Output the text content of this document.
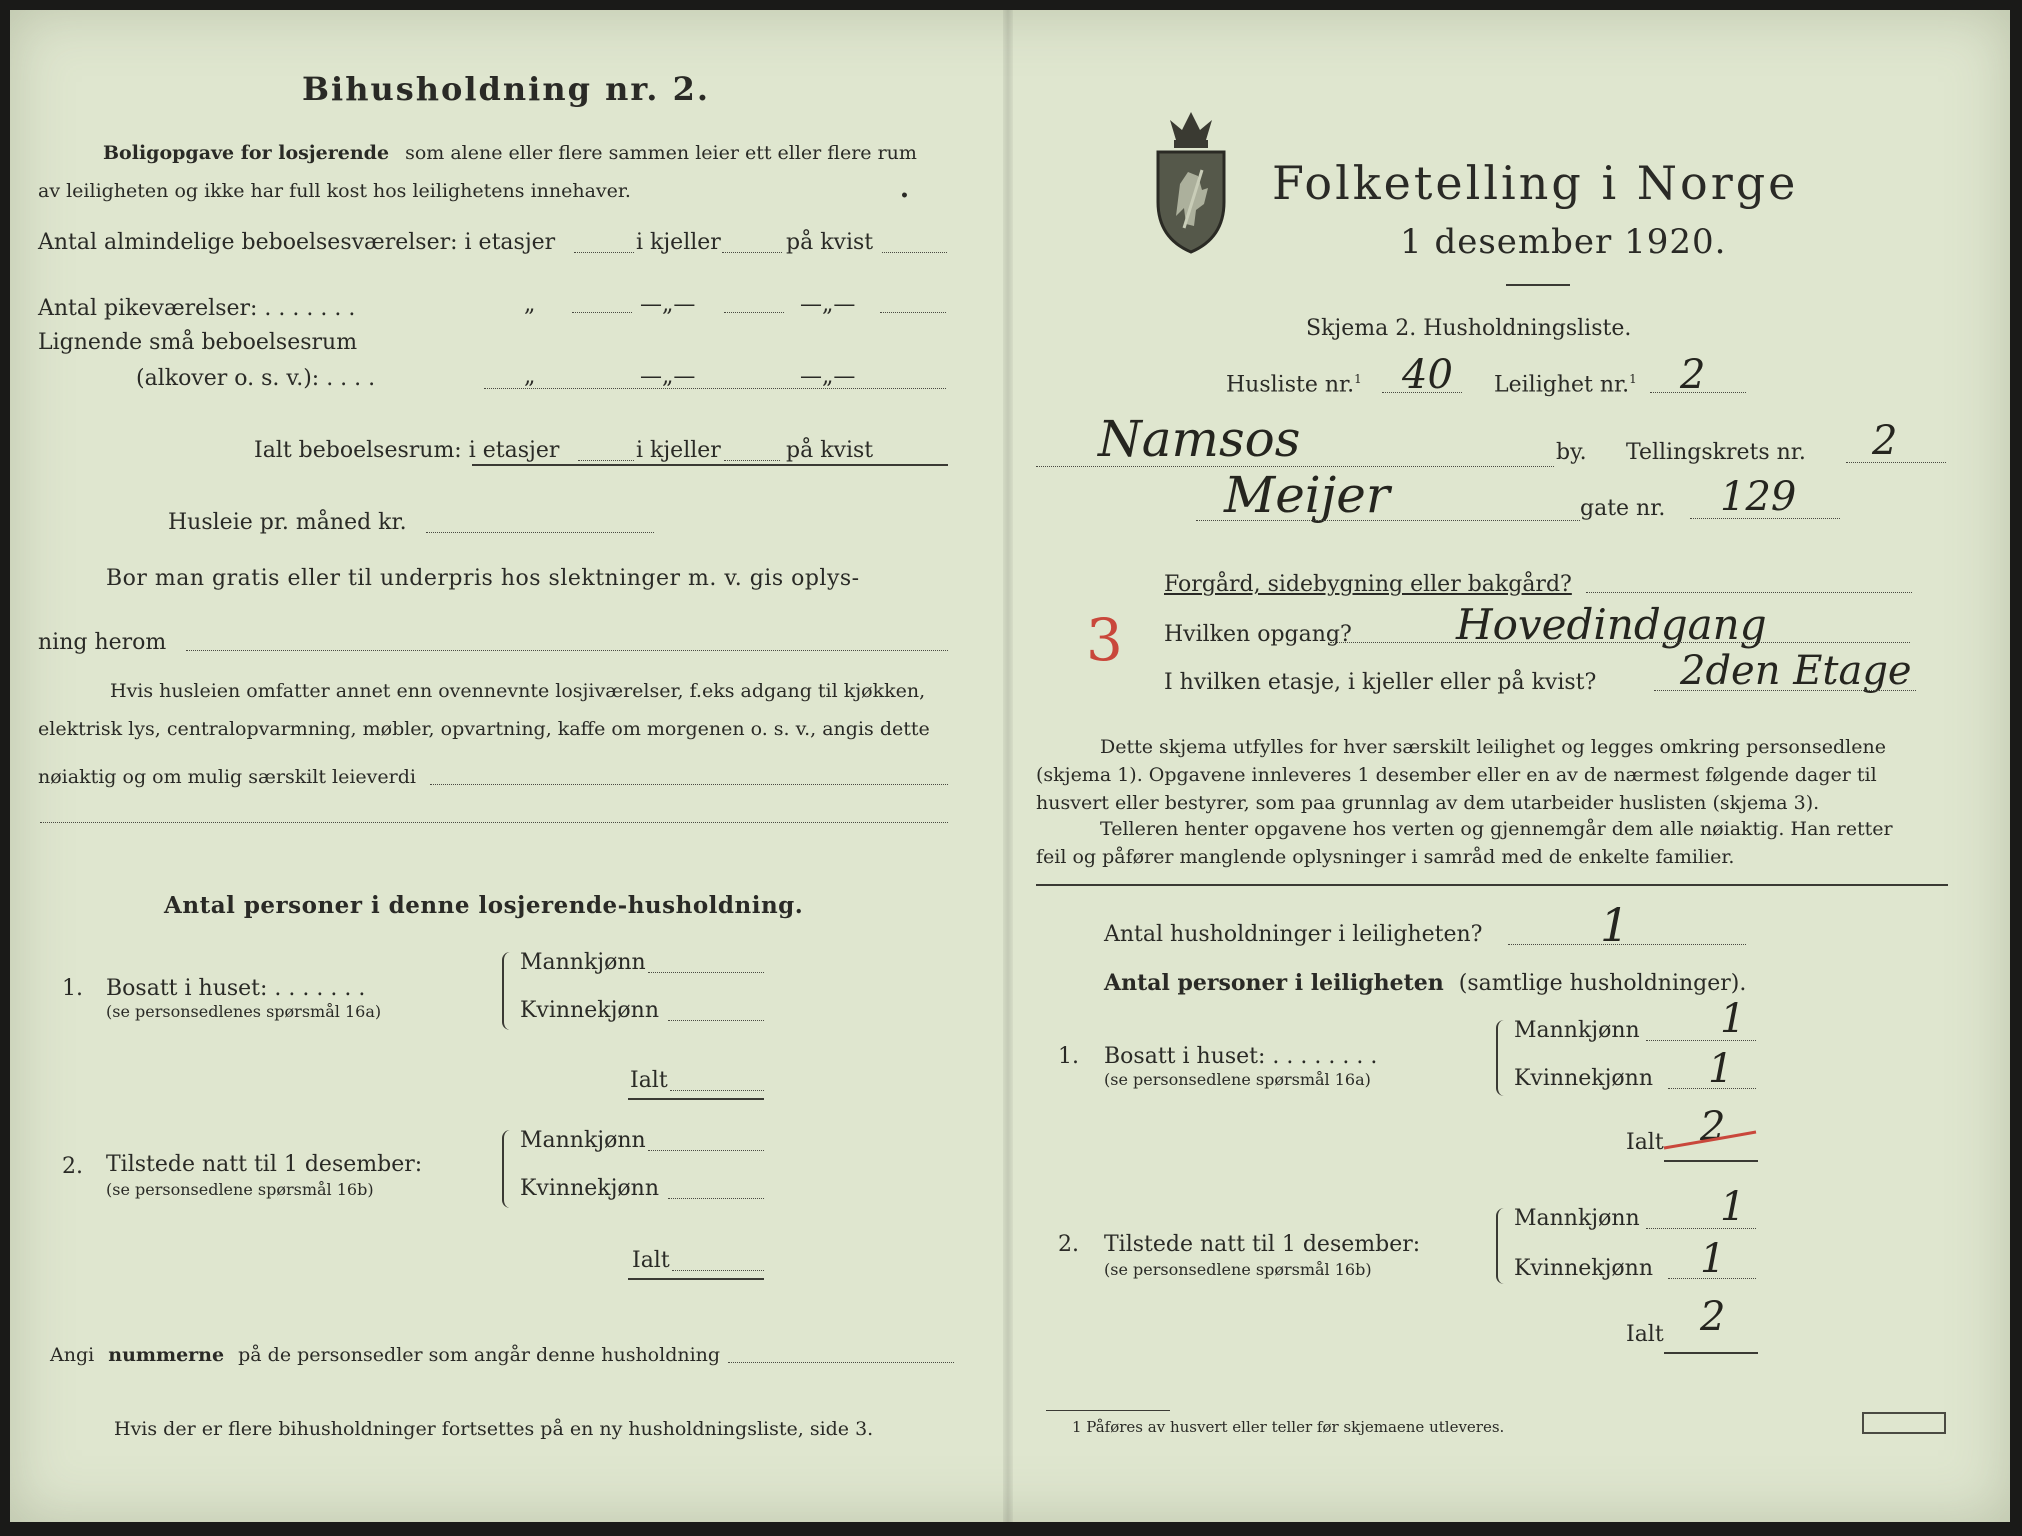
Bihusholdning nr. 2.
Boligopgave for losjerende som alene eller flere sammen leier ett eller flere rum
av leiligheten og ikke har full kost hos leilighetens innehaver.	•
Antal almindelige beboelsesværelser: i etasjer	i kjeller	på kvist
Antal pikeværelser: . . . . . . .	„	—„—	—„—
Lignende små beboelsesrum
(alkover o. s. v.): . . . .	„	—„—	—„—
Ialt beboelsesrum: i etasjer	i kjeller	på kvist
Husleie pr. måned kr.
Bor man gratis eller til underpris hos slektninger m. v. gis oplys-
ning herom
Hvis husleien omfatter annet enn ovennevnte losjiværelser, f.eks adgang til kjøkken,
elektrisk lys, centralopvarmning, møbler, opvartning, kaffe om morgenen o. s. v., angis dette
nøiaktig og om mulig særskilt leieverdi
Antal personer i denne losjerende-husholdning.
1. Bosatt i huset: . . . . . . .
(se personsedlenes spørsmål 16a)
Mannkjønn
Kvinnekjønn
Ialt
2. Tilstede natt til 1 desember:
(se personsedlene spørsmål 16b)
Mannkjønn
Kvinnekjønn
Ialt
Angi nummerne på de personsedler som angår denne husholdning
Hvis der er flere bihusholdninger fortsettes på en ny husholdningsliste, side 3.
Folketelling i Norge
1 desember 1920.
Skjema 2. Husholdningsliste.
Husliste nr.$^1$ 40 Leilighet nr.$^1$ 2
Namsos	by. Tellingskrets nr. 2
Meijer	gate nr. 129
Forgård, sidebygning eller bakgård?
3 Hvilken opgang? Hovedindgang
I hvilken etasje, i kjeller eller på kvist? 2den Etage
Dette skjema utfylles for hver særskilt leilighet og legges omkring personsedlene
(skjema 1). Opgavene innleveres 1 desember eller en av de nærmest følgende dager til
husvert eller bestyrer, som paa grunnlag av dem utarbeider huslisten (skjema 3).
Telleren henter opgavene hos verten og gjennemgår dem alle nøiaktig. Han retter
feil og påfører manglende oplysninger i samråd med de enkelte familier.
Antal husholdninger i leiligheten?	1
Antal personer i leiligheten (samtlige husholdninger).
1. Bosatt i huset: . . . . . . . .
(se personsedlene spørsmål 16a)
Mannkjønn 1
Kvinnekjønn 1
Ialt 2
2. Tilstede natt til 1 desember:
(se personsedlene spørsmål 16b)
Mannkjønn 1
Kvinnekjønn 1
Ialt 2
1 Påføres av husvert eller teller før skjemaene utleveres.
